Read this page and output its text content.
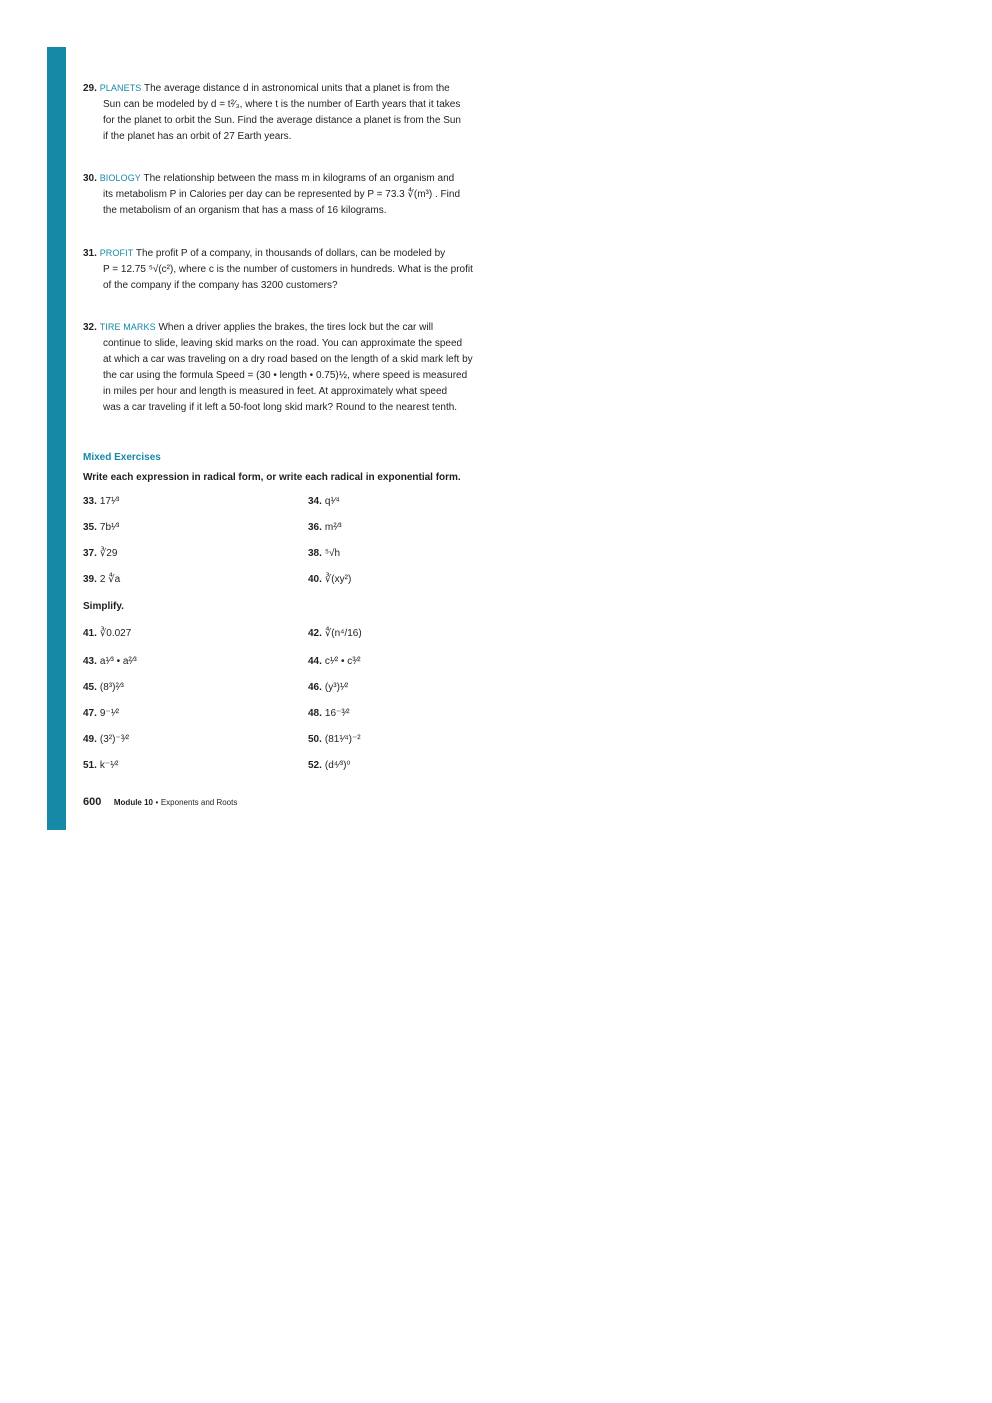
29. PLANETS The average distance d in astronomical units that a planet is from the
Sun can be modeled by d = t²⁄₃, where t is the number of Earth years that it takes
for the planet to orbit the Sun. Find the average distance a planet is from the Sun
if the planet has an orbit of 27 Earth years.
30. BIOLOGY The relationship between the mass m in kilograms of an organism and
its metabolism P in Calories per day can be represented by P = 73.3 ∜(m³) . Find
the metabolism of an organism that has a mass of 16 kilograms.
31. PROFIT The profit P of a company, in thousands of dollars, can be modeled by
P = 12.75 ⁵√(c²), where c is the number of customers in hundreds. What is the profit
of the company if the company has 3200 customers?
32. TIRE MARKS When a driver applies the brakes, the tires lock but the car will
continue to slide, leaving skid marks on the road. You can approximate the speed
at which a car was traveling on a dry road based on the length of a skid mark left by
the car using the formula Speed = (30 • length • 0.75)½, where speed is measured
in miles per hour and length is measured in feet. At approximately what speed
was a car traveling if it left a 50-foot long skid mark? Round to the nearest tenth.
Mixed Exercises
Write each expression in radical form, or write each radical in exponential form.
33. 17¹⁄³	34. q¹⁄⁴
35. 7b¹⁄³	36. m²⁄³
37. ∛29	38. ⁵√h
39. 2 ∜a	40. ∛(xy²)
Simplify.
41. ∛0.027	42. ∜(n⁴/16)
43. a¹⁄³ • a²⁄³	44. c¹⁄² • c³⁄²
45. (8³)²⁄³	46. (y³)¹⁄²
47. 9⁻¹⁄²	48. 16⁻³⁄²
49. (3²)⁻³⁄²	50. (81¹⁄⁴)⁻²
51. k⁻¹⁄²	52. (d⁴⁄³)⁰
600 Module 10 • Exponents and Roots
